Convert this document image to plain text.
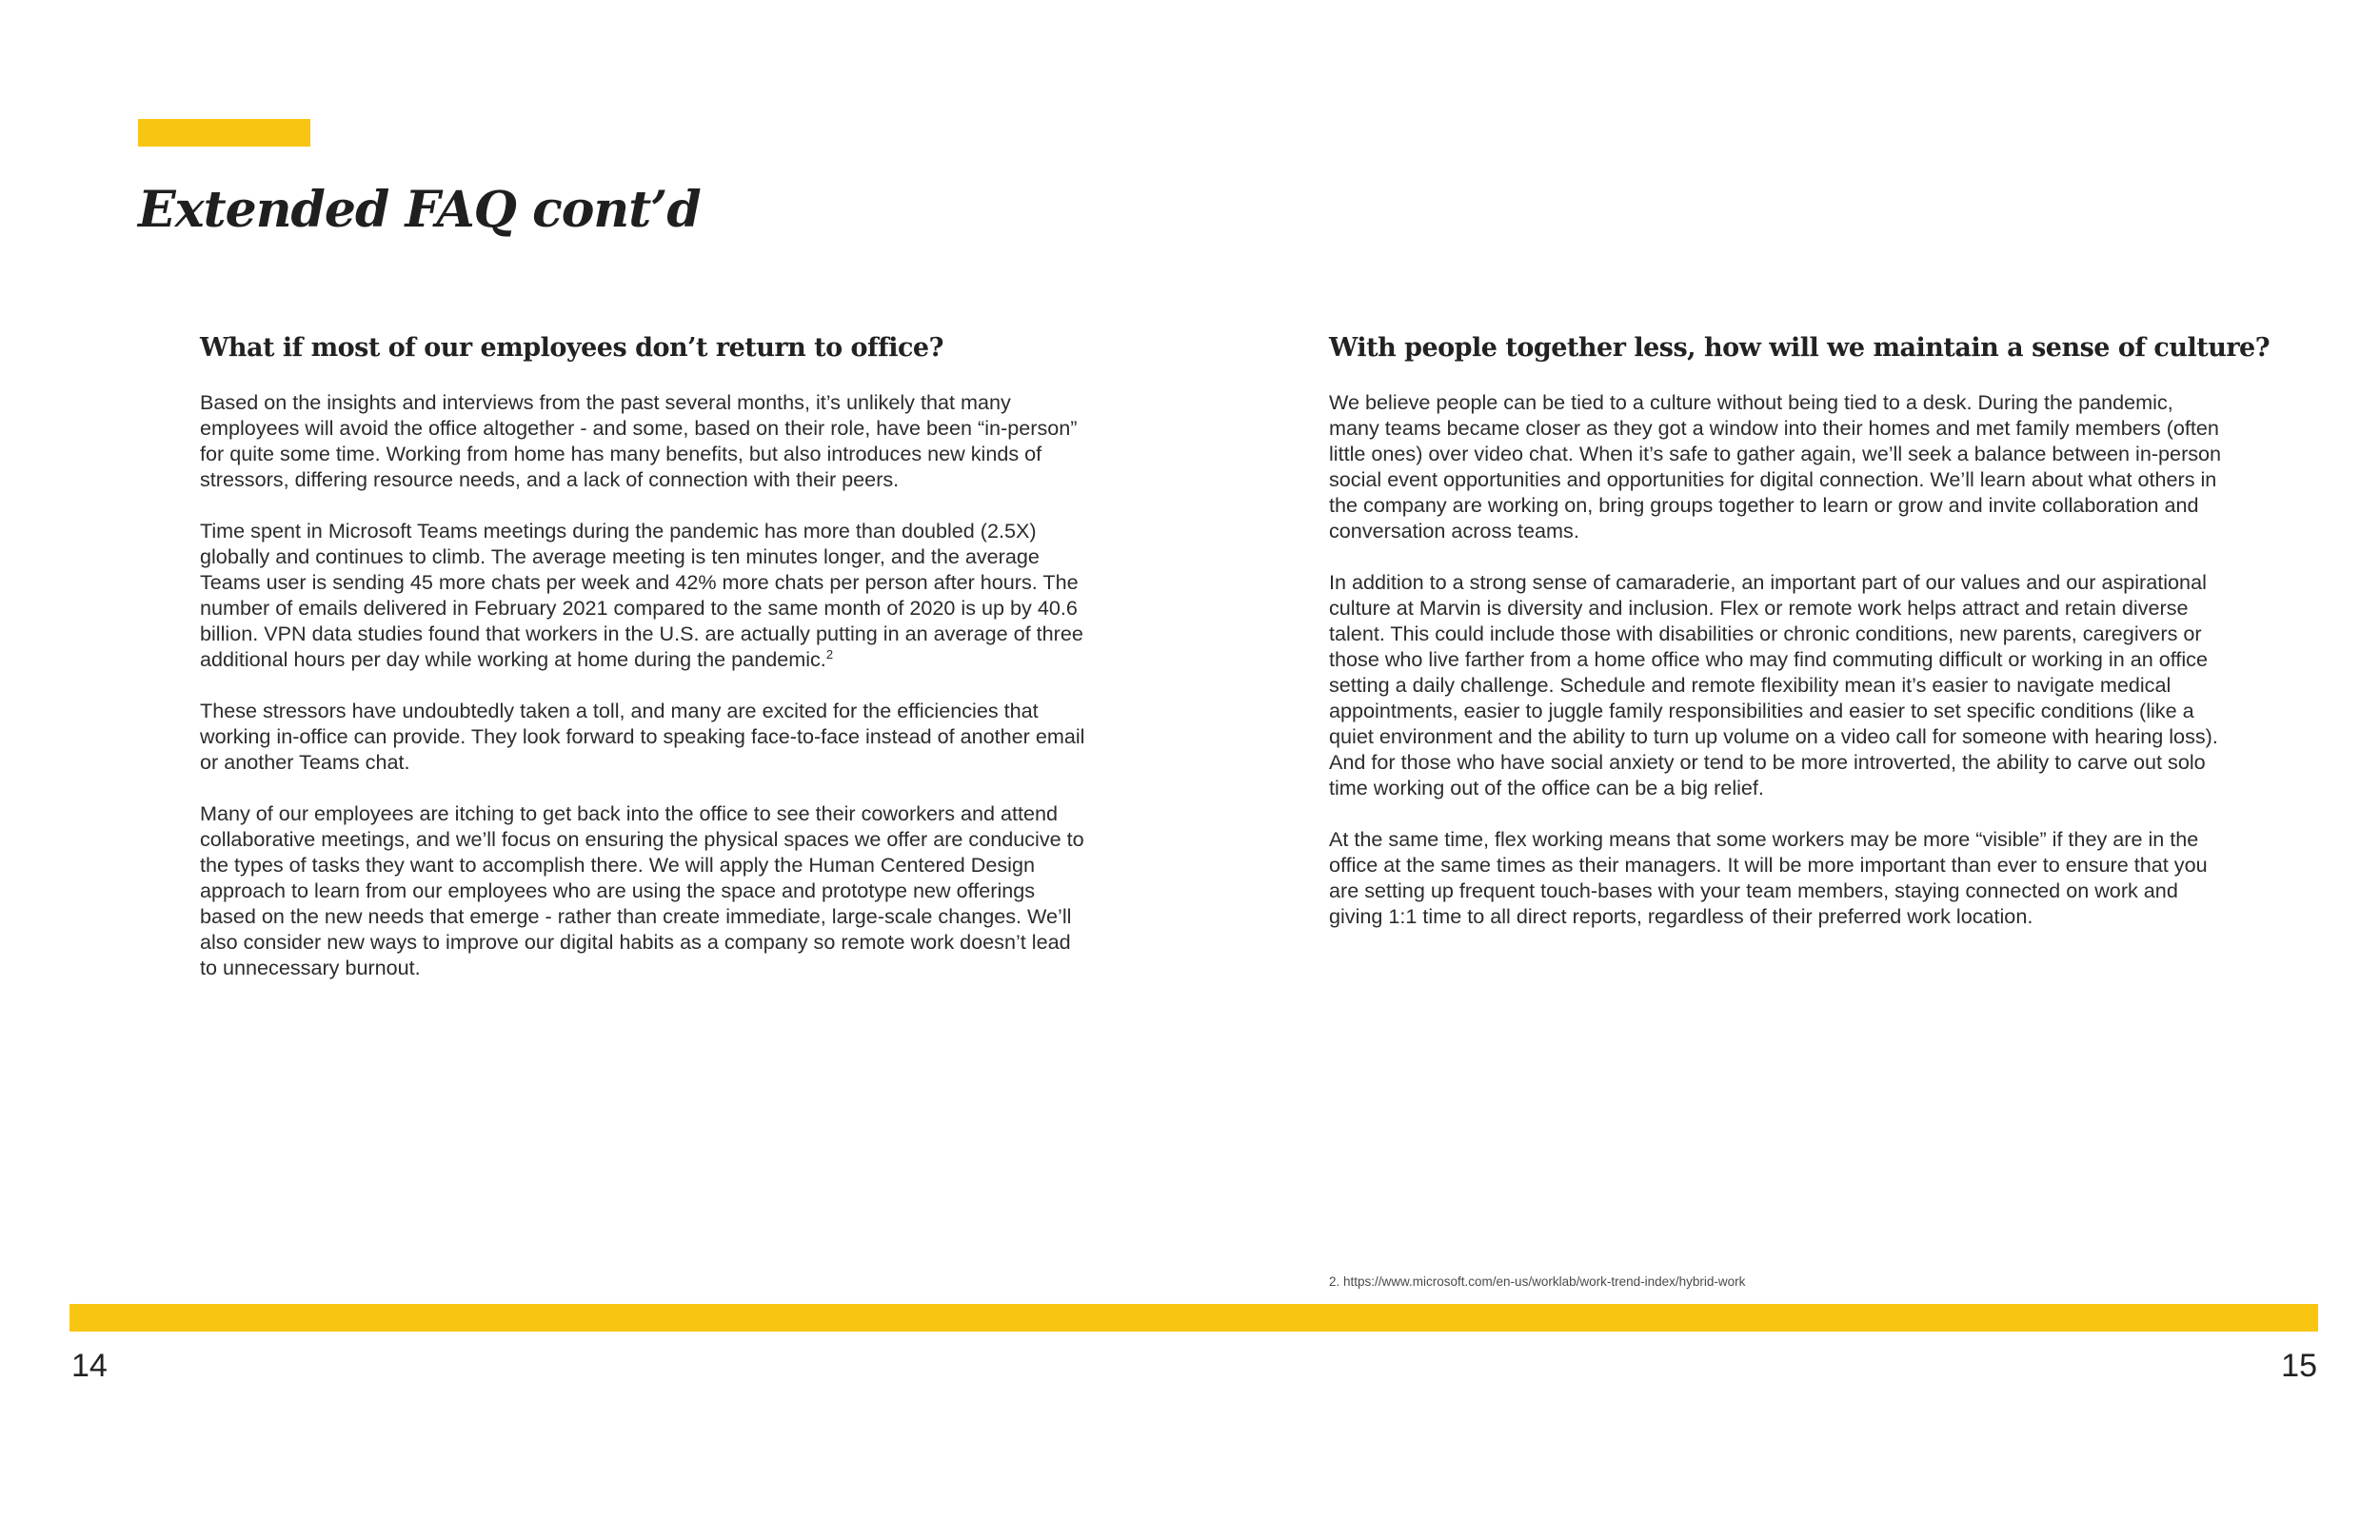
Extended FAQ cont’d
What if most of our employees don’t return to office?

Based on the insights and interviews from the past several months, it’s unlikely that many employees will avoid the office altogether - and some, based on their role, have been “in-person” for quite some time. Working from home has many benefits, but also introduces new kinds of stressors, differing resource needs, and a lack of connection with their peers.

Time spent in Microsoft Teams meetings during the pandemic has more than doubled (2.5X) globally and continues to climb. The average meeting is ten minutes longer, and the average Teams user is sending 45 more chats per week and 42% more chats per person after hours. The number of emails delivered in February 2021 compared to the same month of 2020 is up by 40.6 billion. VPN data studies found that workers in the U.S. are actually putting in an average of three additional hours per day while working at home during the pandemic.$^2$

These stressors have undoubtedly taken a toll, and many are excited for the efficiencies that working in-office can provide. They look forward to speaking face-to-face instead of another email or another Teams chat.

Many of our employees are itching to get back into the office to see their coworkers and attend collaborative meetings, and we’ll focus on ensuring the physical spaces we offer are conducive to the types of tasks they want to accomplish there. We will apply the Human Centered Design approach to learn from our employees who are using the space and prototype new offerings based on the new needs that emerge - rather than create immediate, large-scale changes. We’ll also consider new ways to improve our digital habits as a company so remote work doesn’t lead to unnecessary burnout.

With people together less, how will we maintain a sense of culture?

We believe people can be tied to a culture without being tied to a desk. During the pandemic, many teams became closer as they got a window into their homes and met family members (often little ones) over video chat. When it’s safe to gather again, we’ll seek a balance between in-person social event opportunities and opportunities for digital connection. We’ll learn about what others in the company are working on, bring groups together to learn or grow and invite collaboration and conversation across teams.

In addition to a strong sense of camaraderie, an important part of our values and our aspirational culture at Marvin is diversity and inclusion. Flex or remote work helps attract and retain diverse talent. This could include those with disabilities or chronic conditions, new parents, caregivers or those who live farther from a home office who may find commuting difficult or working in an office setting a daily challenge. Schedule and remote flexibility mean it’s easier to navigate medical appointments, easier to juggle family responsibilities and easier to set specific conditions (like a quiet environment and the ability to turn up volume on a video call for someone with hearing loss). And for those who have social anxiety or tend to be more introverted, the ability to carve out solo time working out of the office can be a big relief.

At the same time, flex working means that some workers may be more “visible” if they are in the office at the same times as their managers. It will be more important than ever to ensure that you are setting up frequent touch-bases with your team members, staying connected on work and giving 1:1 time to all direct reports, regardless of their preferred work location.

2. https://www.microsoft.com/en-us/worklab/work-trend-index/hybrid-work
14	15
